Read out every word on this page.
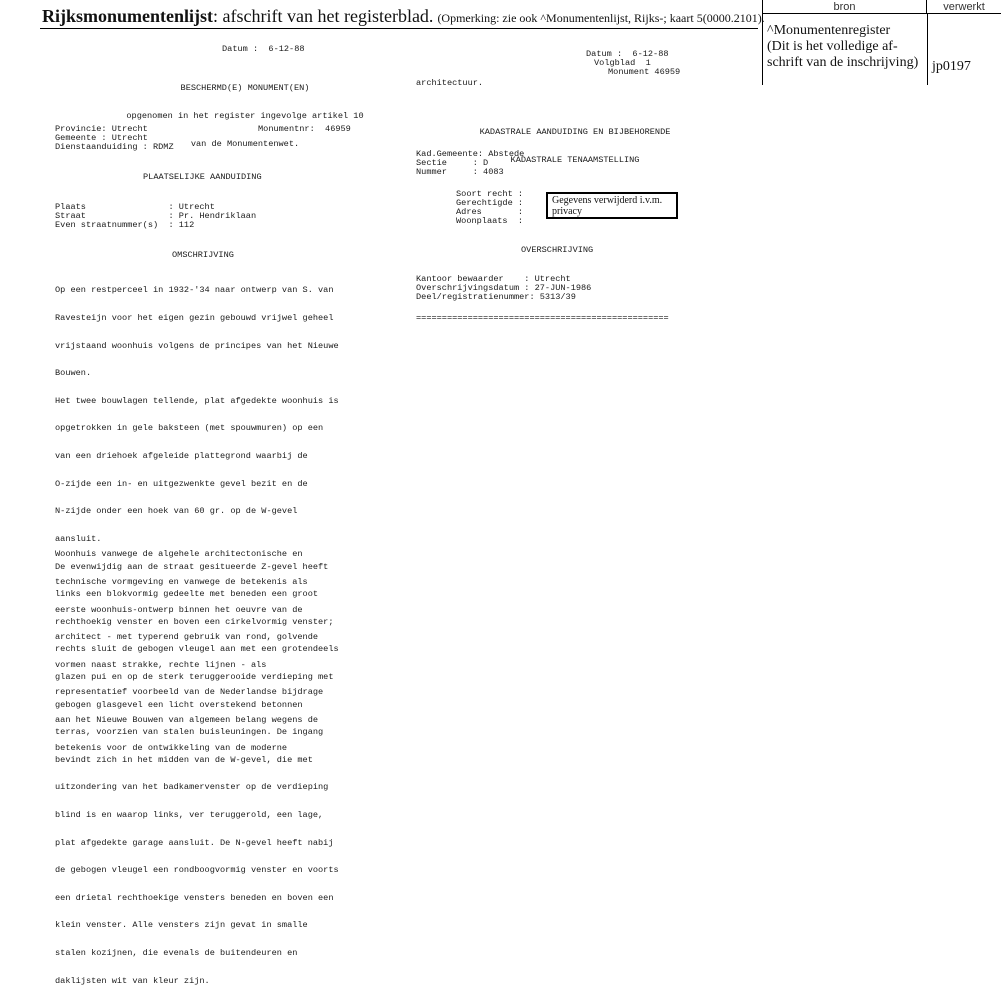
Rijksmonumentenlijst: afschrift van het registerblad. (Opmerking: zie ook ^Monumentenlijst, Rijks-; kaart 5(0000.2101).
bron	verwerkt
^Monumentenregister
(Dit is het volledige af-
schrift van de inschrijving) jp0197
Datum :  6-12-88

BESCHERMD(E) MONUMENT(EN)

opgenomen in het register ingevolge artikel 10

van de Monumentenwet.

Provincie: Utrecht	Monumentnr:  46959
Gemeente : Utrecht
Dienstaanduiding : RDMZ
PLAATSELIJKE AANDUIDING
Plaats                : Utrecht
Straat                : Pr. Hendriklaan
Even straatnummer(s)  : 112
OMSCHRIJVING

Op een restperceel in 1932-'34 naar ontwerp van S. van

Ravesteijn voor het eigen gezin gebouwd vrijwel geheel

vrijstaand woonhuis volgens de principes van het Nieuwe

Bouwen.

Het twee bouwlagen tellende, plat afgedekte woonhuis is

opgetrokken in gele baksteen (met spouwmuren) op een

van een driehoek afgeleide plattegrond waarbij de

O-zijde een in- en uitgezwenkte gevel bezit en de

N-zijde onder een hoek van 60 gr. op de W-gevel

aansluit.

De evenwijdig aan de straat gesitueerde Z-gevel heeft

links een blokvormig gedeelte met beneden een groot

rechthoekig venster en boven een cirkelvormig venster;

rechts sluit de gebogen vleugel aan met een grotendeels

glazen pui en op de sterk teruggerooide verdieping met

gebogen glasgevel een licht overstekend betonnen

terras, voorzien van stalen buisleuningen. De ingang

bevindt zich in het midden van de W-gevel, die met

uitzondering van het badkamervenster op de verdieping

blind is en waarop links, ver teruggerold, een lage,

plat afgedekte garage aansluit. De N-gevel heeft nabij

de gebogen vleugel een rondboogvormig venster en voorts

een drietal rechthoekige vensters beneden en boven een

klein venster. Alle vensters zijn gevat in smalle

stalen kozijnen, die evenals de buitendeuren en

daklijsten wit van kleur zijn.

Woonhuis vanwege de algehele architectonische en

technische vormgeving en vanwege de betekenis als

eerste woonhuis-ontwerp binnen het oeuvre van de

architect - met typerend gebruik van rond, golvende

vormen naast strakke, rechte lijnen - als

representatief voorbeeld van de Nederlandse bijdrage

aan het Nieuwe Bouwen van algemeen belang wegens de

betekenis voor de ontwikkeling van de moderne

Datum :  6-12-88
Volgblad  1
Monument 46959
architectuur.

KADASTRALE AANDUIDING EN BIJBEHORENDE

KADASTRALE TENAAMSTELLING

Kad.Gemeente: Abstede
Sectie     : D
Nummer     : 4083
Soort recht :
Gerechtigde :
Adres       :
Woonplaats  :
Gegevens verwijderd i.v.m. privacy
OVERSCHRIJVING
Kantoor bewaarder    : Utrecht
Overschrijvingsdatum : 27-JUN-1986
Deel/registratienummer: 5313/39
=================================================
